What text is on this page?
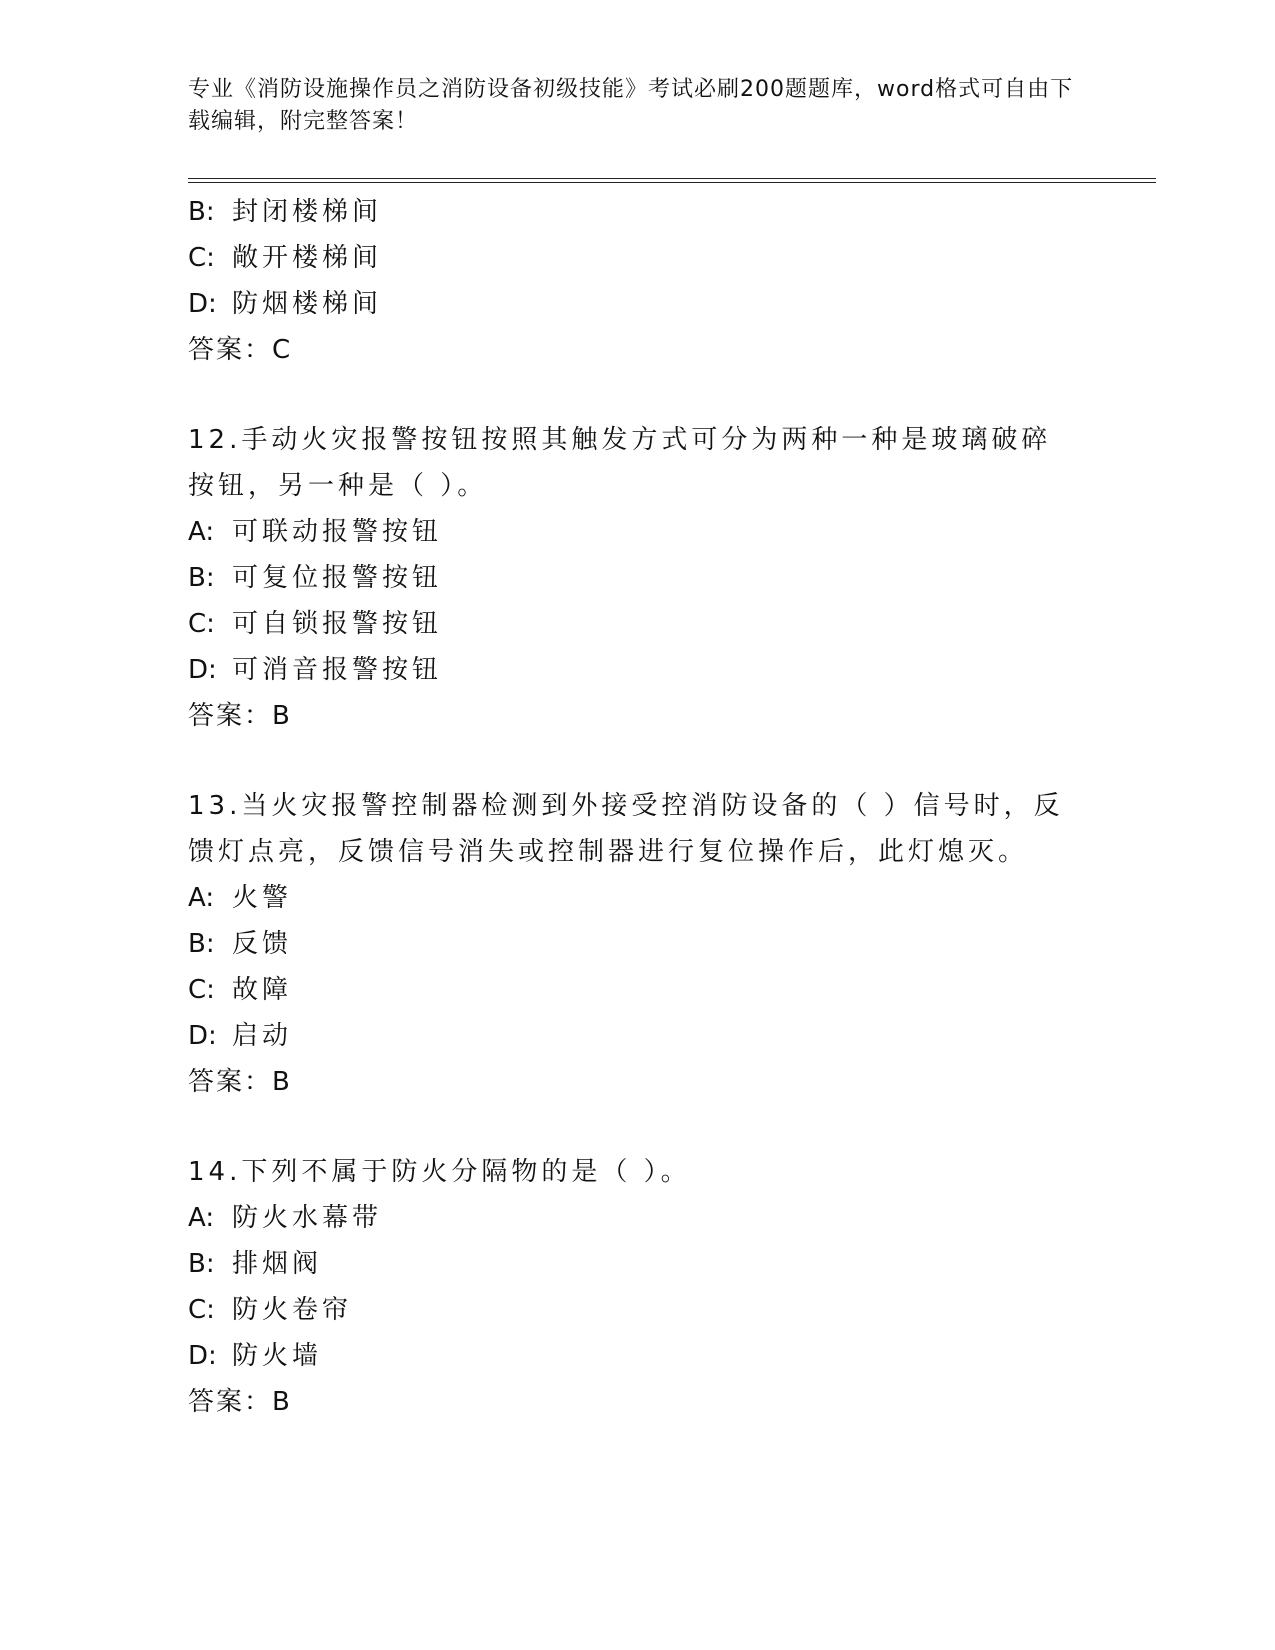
专业《消防设施操作员之消防设备初级技能》考试必刷200题题库，word格式可自由下载编辑，附完整答案！
B: 封闭楼梯间
C: 敞开楼梯间
D: 防烟楼梯间
答案：C
12.手动火灾报警按钮按照其触发方式可分为两种一种是玻璃破碎按钮，另一种是（ ）。
A: 可联动报警按钮
B: 可复位报警按钮
C: 可自锁报警按钮
D: 可消音报警按钮
答案：B
13.当火灾报警控制器检测到外接受控消防设备的（ ）信号时，反馈灯点亮，反馈信号消失或控制器进行复位操作后，此灯熄灭。
A: 火警
B: 反馈
C: 故障
D: 启动
答案：B
14.下列不属于防火分隔物的是（ ）。
A: 防火水幕带
B: 排烟阀
C: 防火卷帘
D: 防火墙
答案：B
